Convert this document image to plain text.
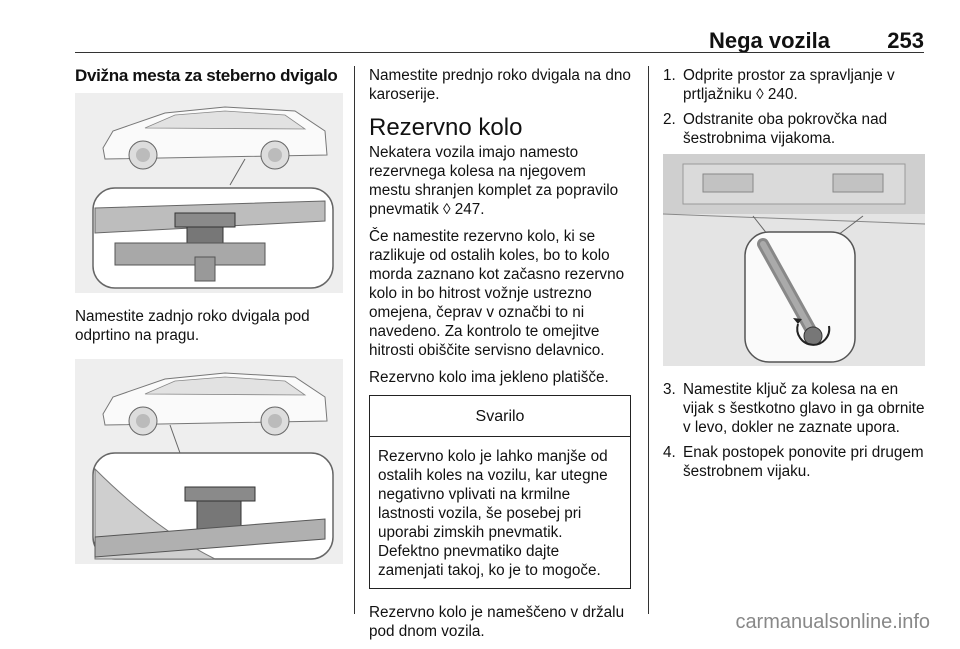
Nega vozila	253
Dvižna mesta za steberno dvigalo

Namestite zadnjo roko dvigala pod odprtino na pragu.

Namestite prednjo roko dvigala na dno karoserije.

Rezervno kolo

Nekatera vozila imajo namesto rezervnega kolesa na njegovem mestu shranjen komplet za popravilo pnevmatik ◊ 247.

Če namestite rezervno kolo, ki se razlikuje od ostalih koles, bo to kolo morda zaznano kot začasno rezervno kolo in bo hitrost vožnje ustrezno omejena, čeprav v označbi to ni navedeno. Za kontrolo te omejitve hitrosti obiščite servisno delavnico.

Rezervno kolo ima jekleno platišče.

Svarilo
Rezervno kolo je lahko manjše od ostalih koles na vozilu, kar utegne negativno vplivati na krmilne lastnosti vozila, še posebej pri uporabi zimskih pnevmatik. Defektno pnevmatiko dajte zamenjati takoj, ko je to mogoče.

Rezervno kolo je nameščeno v držalu pod dnom vozila.

1. Odprite prostor za spravljanje v prtljažniku ◊ 240.
2. Odstranite oba pokrovčka nad šestrobnima vijakoma.
3. Namestite ključ za kolesa na en vijak s šestkotno glavo in ga obrnite v levo, dokler ne zaznate upora.
4. Enak postopek ponovite pri drugem šestrobnem vijaku.
carmanualsonline.info
